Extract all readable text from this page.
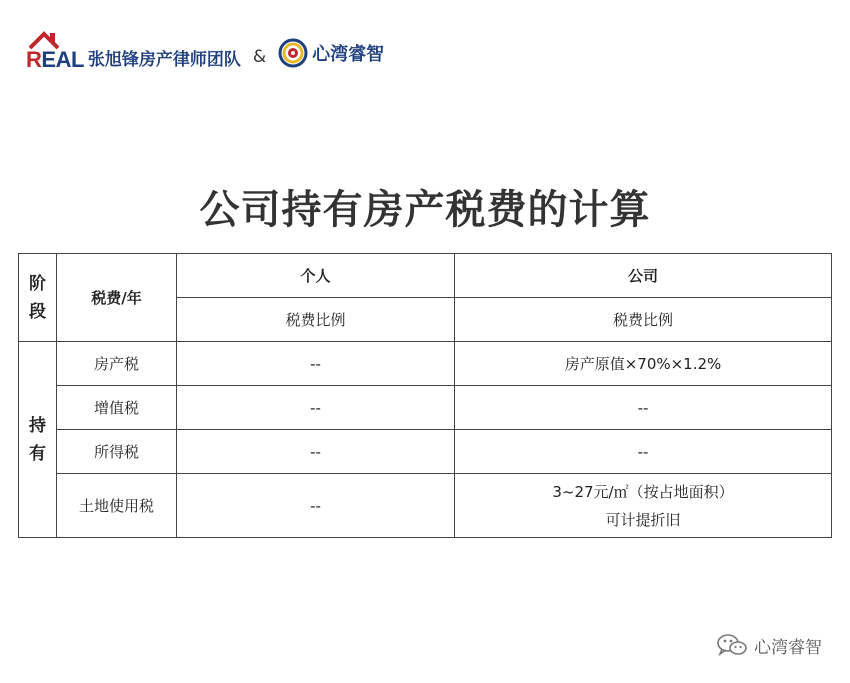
REAL 张旭锋房产律师团队 &	心湾睿智
公司持有房产税费的计算
阶段	税费/年	个人	公司
		税费比例	税费比例

持有	房产税	--	房产原值×70%×1.2%
	增值税	--	--
	所得税	--	--
	土地使用税	--	3~27元/㎡（按占地面积）
可计提折旧
心湾睿智
